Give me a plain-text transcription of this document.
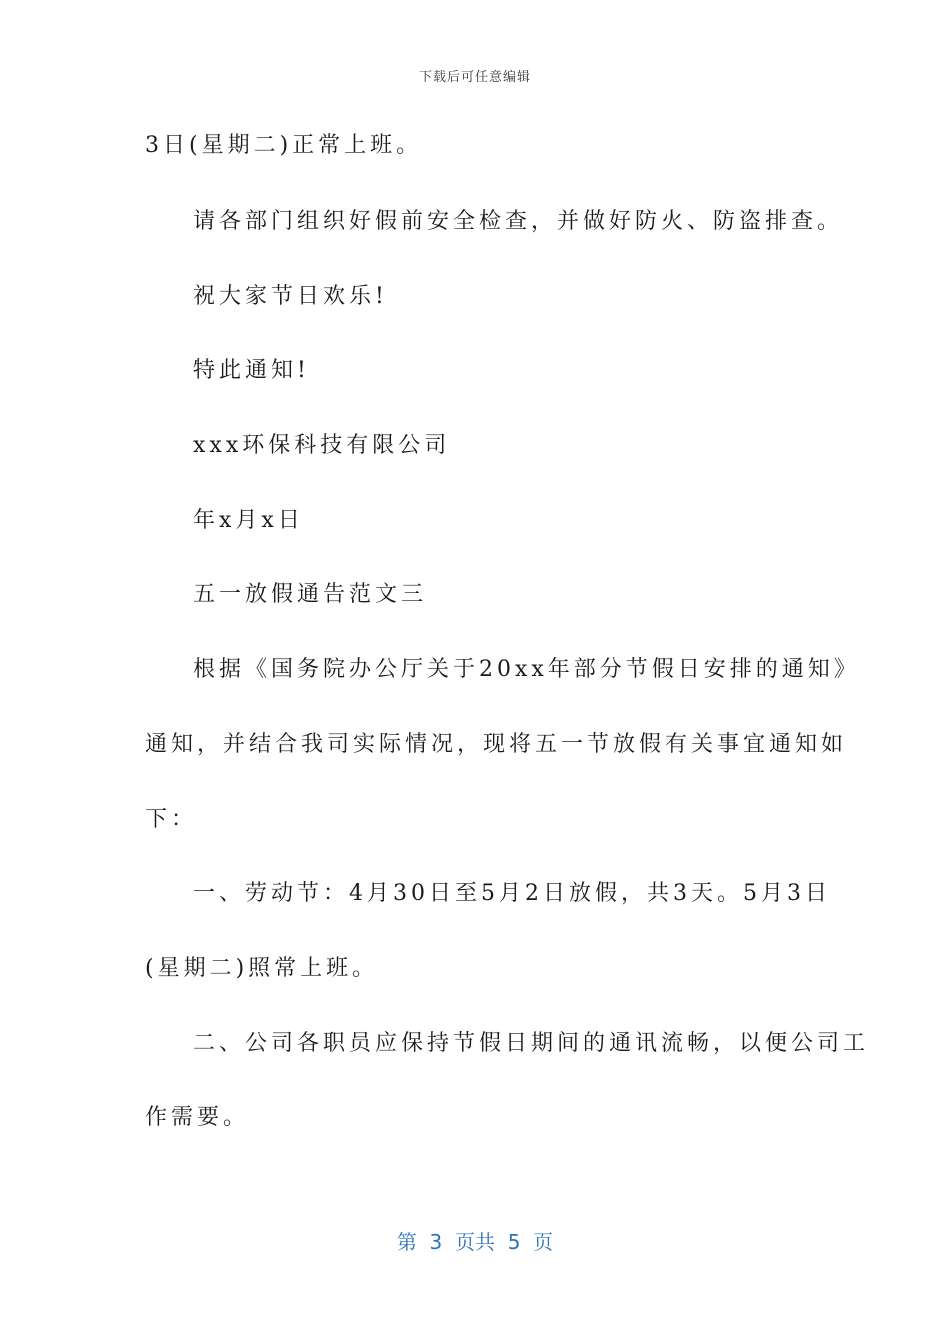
下载后可任意编辑
3日(星期二)正常上班。
请各部门组织好假前安全检查，并做好防火、防盗排查。
祝大家节日欢乐!
特此通知!
xxx环保科技有限公司
年x月x日
五一放假通告范文三
根据《国务院办公厅关于20xx年部分节假日安排的通知》
通知，并结合我司实际情况，现将五一节放假有关事宜通知如
下：
一、劳动节：4月30日至5月2日放假，共3天。5月3日
(星期二)照常上班。
二、公司各职员应保持节假日期间的通讯流畅，以便公司工
作需要。
第  3  页共  5  页
